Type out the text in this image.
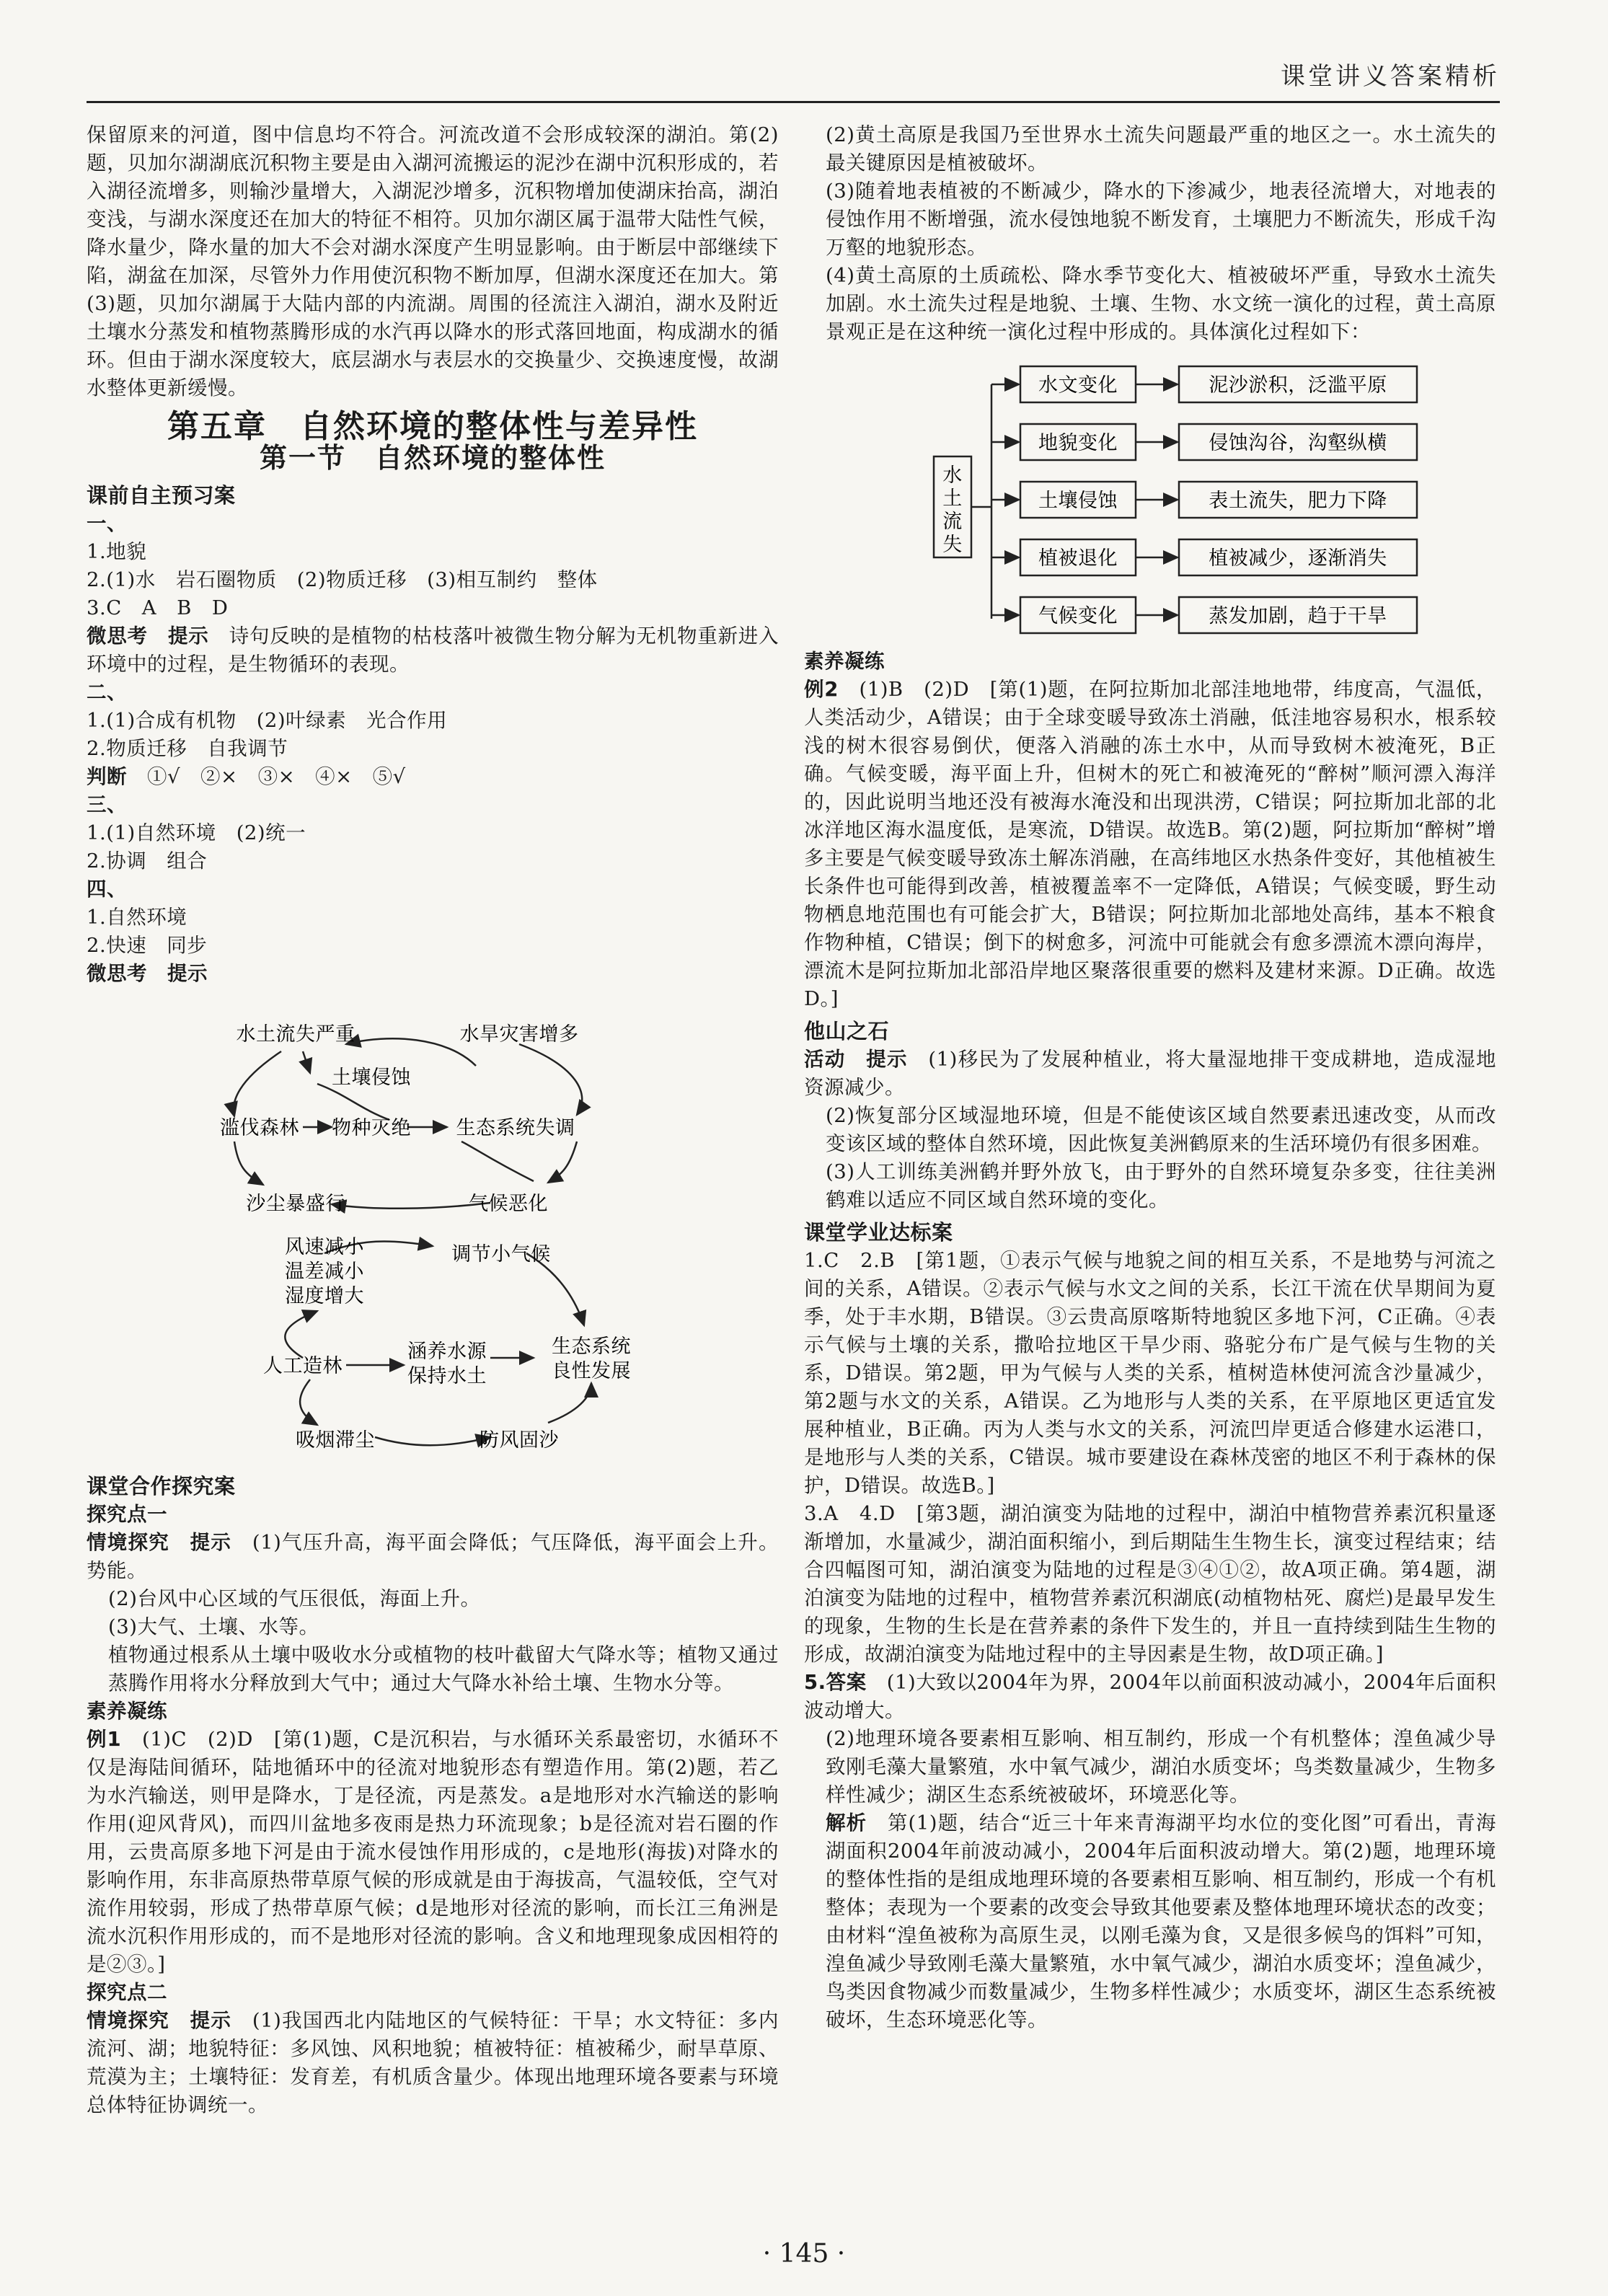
课堂讲义答案精析

保留原来的河道，图中信息均不符合。河流改道不会形成较深的湖泊。第(2)题，贝加尔湖湖底沉积物主要是由入湖河流搬运的泥沙在湖中沉积形成的，若入湖径流增多，则输沙量增大，入湖泥沙增多，沉积物增加使湖床抬高，湖泊变浅，与湖水深度还在加大的特征不相符。贝加尔湖区属于温带大陆性气候，降水量少，降水量的加大不会对湖水深度产生明显影响。由于断层中部继续下陷，湖盆在加深，尽管外力作用使沉积物不断加厚，但湖水深度还在加大。第(3)题，贝加尔湖属于大陆内部的内流湖。周围的径流注入湖泊，湖水及附近土壤水分蒸发和植物蒸腾形成的水汽再以降水的形式落回地面，构成湖水的循环。但由于湖水深度较大，底层湖水与表层水的交换量少、交换速度慢，故湖水整体更新缓慢。

第五章　自然环境的整体性与差异性
第一节　自然环境的整体性
课前自主预习案

一、

1.地貌

2.(1)水　岩石圈物质　(2)物质迁移　(3)相互制约　整体

3.C　A　B　D

微思考　提示　诗句反映的是植物的枯枝落叶被微生物分解为无机物重新进入环境中的过程，是生物循环的表现。

二、

1.(1)合成有机物　(2)叶绿素　光合作用

2.物质迁移　自我调节

判断　①√　②×　③×　④×　⑤√

三、

1.(1)自然环境　(2)统一

2.协调　组合

四、

1.自然环境

2.快速　同步

微思考　提示

水土流失严重	水旱灾害增多
土壤侵蚀
滥伐森林 物种灭绝 生态系统失调
沙尘暴盛行	气候恶化
风速减小
温差减小
湿度增大
调节小气候
人工造林
涵养水源
保持水土
生态系统
良性发展
吸烟滞尘	防风固沙
课堂合作探究案

探究点一

情境探究　提示　(1)气压升高，海平面会降低；气压降低，海平面会上升。势能。

(2)台风中心区域的气压很低，海面上升。

(3)大气、土壤、水等。

植物通过根系从土壤中吸收水分或植物的枝叶截留大气降水等；植物又通过蒸腾作用将水分释放到大气中；通过大气降水补给土壤、生物水分等。

素养凝练

例1　(1)C　(2)D　[第(1)题，C是沉积岩，与水循环关系最密切，水循环不仅是海陆间循环，陆地循环中的径流对地貌形态有塑造作用。第(2)题，若乙为水汽输送，则甲是降水，丁是径流，丙是蒸发。a是地形对水汽输送的影响作用(迎风背风)，而四川盆地多夜雨是热力环流现象；b是径流对岩石圈的作用，云贵高原多地下河是由于流水侵蚀作用形成的，c是地形(海拔)对降水的影响作用，东非高原热带草原气候的形成就是由于海拔高，气温较低，空气对流作用较弱，形成了热带草原气候；d是地形对径流的影响，而长江三角洲是流水沉积作用形成的，而不是地形对径流的影响。含义和地理现象成因相符的是②③。]

探究点二

情境探究　提示　(1)我国西北内陆地区的气候特征：干旱；水文特征：多内流河、湖；地貌特征：多风蚀、风积地貌；植被特征：植被稀少，耐旱草原、荒漠为主；土壤特征：发育差，有机质含量少。体现出地理环境各要素与环境总体特征协调统一。

(2)黄土高原是我国乃至世界水土流失问题最严重的地区之一。水土流失的最关键原因是植被破坏。

(3)随着地表植被的不断减少，降水的下渗减少，地表径流增大，对地表的侵蚀作用不断增强，流水侵蚀地貌不断发育，土壤肥力不断流失，形成千沟万壑的地貌形态。

(4)黄土高原的土质疏松、降水季节变化大、植被破坏严重，导致水土流失加剧。水土流失过程是地貌、土壤、生物、水文统一演化的过程，黄土高原景观正是在这种统一演化过程中形成的。具体演化过程如下：

水
土
流
失
水文变化	泥沙淤积，泛滥平原
地貌变化	侵蚀沟谷，沟壑纵横
土壤侵蚀	表土流失，肥力下降
植被退化	植被减少，逐渐消失
气候变化	蒸发加剧，趋于干旱

素养凝练

例2　(1)B　(2)D　[第(1)题，在阿拉斯加北部洼地地带，纬度高，气温低，人类活动少，A错误；由于全球变暖导致冻土消融，低洼地容易积水，根系较浅的树木很容易倒伏，便落入消融的冻土水中，从而导致树木被淹死，B正确。气候变暖，海平面上升，但树木的死亡和被淹死的“醉树”顺河漂入海洋的，因此说明当地还没有被海水淹没和出现洪涝，C错误；阿拉斯加北部的北冰洋地区海水温度低，是寒流，D错误。故选B。第(2)题，阿拉斯加“醉树”增多主要是气候变暖导致冻土解冻消融，在高纬地区水热条件变好，其他植被生长条件也可能得到改善，植被覆盖率不一定降低，A错误；气候变暖，野生动物栖息地范围也有可能会扩大，B错误；阿拉斯加北部地处高纬，基本不粮食作物种植，C错误；倒下的树愈多，河流中可能就会有愈多漂流木漂向海岸，漂流木是阿拉斯加北部沿岸地区聚落很重要的燃料及建材来源。D正确。故选D。]

他山之石

活动　提示　(1)移民为了发展种植业，将大量湿地排干变成耕地，造成湿地资源减少。

(2)恢复部分区域湿地环境，但是不能使该区域自然要素迅速改变，从而改变该区域的整体自然环境，因此恢复美洲鹤原来的生活环境仍有很多困难。

(3)人工训练美洲鹤并野外放飞，由于野外的自然环境复杂多变，往往美洲鹤难以适应不同区域自然环境的变化。

课堂学业达标案

1.C　2.B　[第1题，①表示气候与地貌之间的相互关系，不是地势与河流之间的关系，A错误。②表示气候与水文之间的关系，长江干流在伏旱期间为夏季，处于丰水期，B错误。③云贵高原喀斯特地貌区多地下河，C正确。④表示气候与土壤的关系，撒哈拉地区干旱少雨、骆驼分布广是气候与生物的关系，D错误。第2题，甲为气候与人类的关系，植树造林使河流含沙量减少，第2题与水文的关系，A错误。乙为地形与人类的关系，在平原地区更适宜发展种植业，B正确。丙为人类与水文的关系，河流凹岸更适合修建水运港口，是地形与人类的关系，C错误。城市要建设在森林茂密的地区不利于森林的保护，D错误。故选B。]

3.A　4.D　[第3题，湖泊演变为陆地的过程中，湖泊中植物营养素沉积量逐渐增加，水量减少，湖泊面积缩小，到后期陆生生物生长，演变过程结束；结合四幅图可知，湖泊演变为陆地的过程是③④①②，故A项正确。第4题，湖泊演变为陆地的过程中，植物营养素沉积湖底(动植物枯死、腐烂)是最早发生的现象，生物的生长是在营养素的条件下发生的，并且一直持续到陆生生物的形成，故湖泊演变为陆地过程中的主导因素是生物，故D项正确。]

5.答案　(1)大致以2004年为界，2004年以前面积波动减小，2004年后面积波动增大。

(2)地理环境各要素相互影响、相互制约，形成一个有机整体；湟鱼减少导致刚毛藻大量繁殖，水中氧气减少，湖泊水质变坏；鸟类数量减少，生物多样性减少；湖区生态系统被破坏，环境恶化等。

解析　第(1)题，结合“近三十年来青海湖平均水位的变化图”可看出，青海湖面积2004年前波动减小，2004年后面积波动增大。第(2)题，地理环境的整体性指的是组成地理环境的各要素相互影响、相互制约，形成一个有机整体；表现为一个要素的改变会导致其他要素及整体地理环境状态的改变；由材料“湟鱼被称为高原生灵，以刚毛藻为食，又是很多候鸟的饵料”可知，湟鱼减少导致刚毛藻大量繁殖，水中氧气减少，湖泊水质变坏；湟鱼减少，鸟类因食物减少而数量减少，生物多样性减少；水质变坏，湖区生态系统被破坏，生态环境恶化等。

· 145 ·
